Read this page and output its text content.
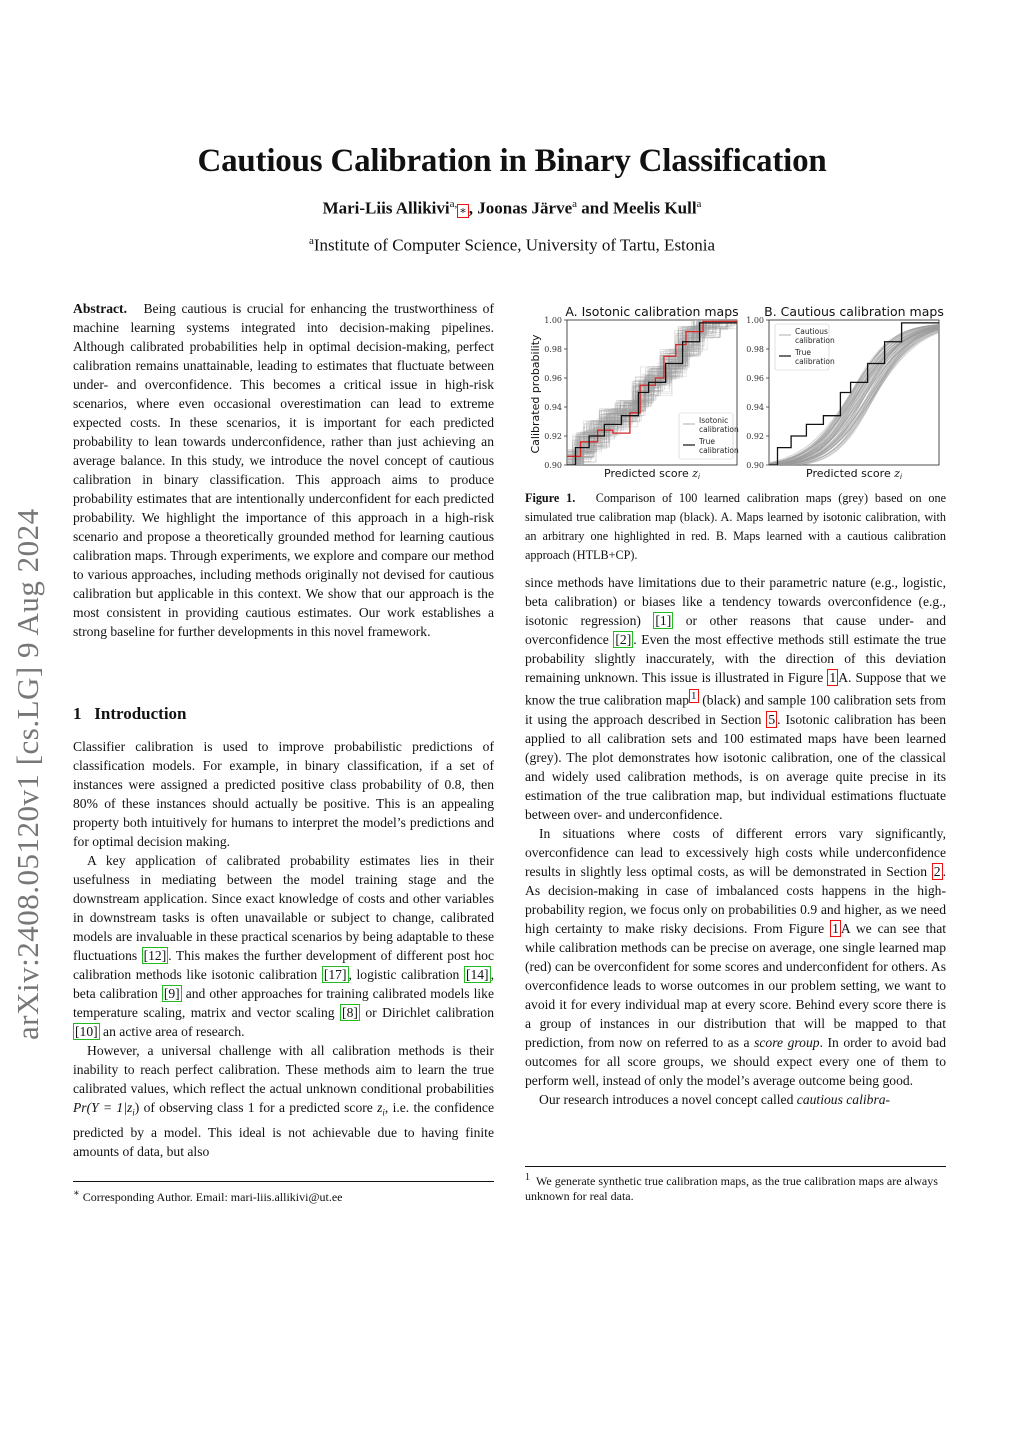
Cautious Calibration in Binary Classification
Mari-Liis Allikivi$^{a,}$∗ , Joonas Järve$^a$ and Meelis Kull$^a$
$^a$Institute of Computer Science, University of Tartu, Estonia
arXiv:2408.05120v1 [cs.LG] 9 Aug 2024

Abstract. Being cautious is crucial for enhancing the trustworthiness of machine learning systems integrated into decision-making pipelines. Although calibrated probabilities help in optimal decision-making, perfect calibration remains unattainable, leading to estimates that fluctuate between under- and overconfidence. This becomes a critical issue in high-risk scenarios, where even occasional overestimation can lead to extreme expected costs. In these scenarios, it is important for each predicted probability to lean towards underconfidence, rather than just achieving an average balance. In this study, we introduce the novel concept of cautious calibration in binary classification. This approach aims to produce probability estimates that are intentionally underconfident for each predicted probability. We highlight the importance of this approach in a high-risk scenario and propose a theoretically grounded method for learning cautious calibration maps. Through experiments, we explore and compare our method to various approaches, including methods originally not devised for cautious calibration but applicable in this context. We show that our approach is the most consistent in providing cautious estimates. Our work establishes a strong baseline for further developments in this novel framework.

1 Introduction

Classifier calibration is used to improve probabilistic predictions of classification models. For example, in binary classification, if a set of instances were assigned a predicted positive class probability of 0.8, then 80% of these instances should actually be positive. This is an appealing property both intuitively for humans to interpret the model’s predictions and for optimal decision making.

A key application of calibrated probability estimates lies in their usefulness in mediating between the model training stage and the downstream application. Since exact knowledge of costs and other variables in downstream tasks is often unavailable or subject to change, calibrated models are invaluable in these practical scenarios by being adaptable to these fluctuations [12] . This makes the further development of different post hoc calibration methods like isotonic calibration [17] , logistic calibration [14] , beta calibration [9] and other approaches for training calibrated models like temperature scaling, matrix and vector scaling [8] or Dirichlet calibration [10] an active area of research.

However, a universal challenge with all calibration methods is their inability to reach perfect calibration. These methods aim to learn the true calibrated values, which reflect the actual unknown conditional probabilities $Pr(Y = 1|z_i)$ of observing class 1 for a predicted score $z_i$, i.e. the confidence predicted by a model. This ideal is not achievable due to having finite amounts of data, but also

∗ Corresponding Author. Email: mari-liis.allikivi@ut.ee
Calibrated probability
A. Isotonic calibration maps
0.90
0.92
0.94
0.96
0.98
1.00
Predicted score zi
Isotonic
calibration
True
calibration
B. Cautious calibration maps
0.90
0.92
0.94
0.96
0.98
1.00
Predicted score zi
Cautious
calibration
True
calibration
Figure 1. Comparison of 100 learned calibration maps (grey) based on one simulated true calibration map (black). A. Maps learned by isotonic calibration, with an arbitrary one highlighted in red. B. Maps learned with a cautious calibration approach (HTLB+CP).

since methods have limitations due to their parametric nature (e.g., logistic, beta calibration) or biases like a tendency towards overconfidence (e.g., isotonic regression) [1] or other reasons that cause under- and overconfidence [2] . Even the most effective methods still estimate the true probability slightly inaccurately, with the direction of this deviation remaining unknown. This issue is illustrated in Figure 1 A. Suppose that we know the true calibration map $^1$ (black) and sample 100 calibration sets from it using the approach described in Section 5 . Isotonic calibration has been applied to all calibration sets and 100 estimated maps have been learned (grey). The plot demonstrates how isotonic calibration, one of the classical and widely used calibration methods, is on average quite precise in its estimation of the true calibration map, but individual estimations fluctuate between over- and underconfidence.

In situations where costs of different errors vary significantly, overconfidence can lead to excessively high costs while underconfidence results in slightly less optimal costs, as will be demonstrated in Section 2 . As decision-making in case of imbalanced costs happens in the high-probability region, we focus only on probabilities 0.9 and higher, as we need high certainty to make risky decisions. From Figure 1 A we can see that while calibration methods can be precise on average, one single learned map (red) can be overconfident for some scores and underconfident for others. As overconfidence leads to worse outcomes in our problem setting, we want to avoid it for every individual map at every score. Behind every score there is a group of instances in our distribution that will be mapped to that prediction, from now on referred to as a score group. In order to avoid bad outcomes for all score groups, we should expect every one of them to perform well, instead of only the model’s average outcome being good.

Our research introduces a novel concept called cautious calibra-

$^1$ We generate synthetic true calibration maps, as the true calibration maps are always unknown for real data.
